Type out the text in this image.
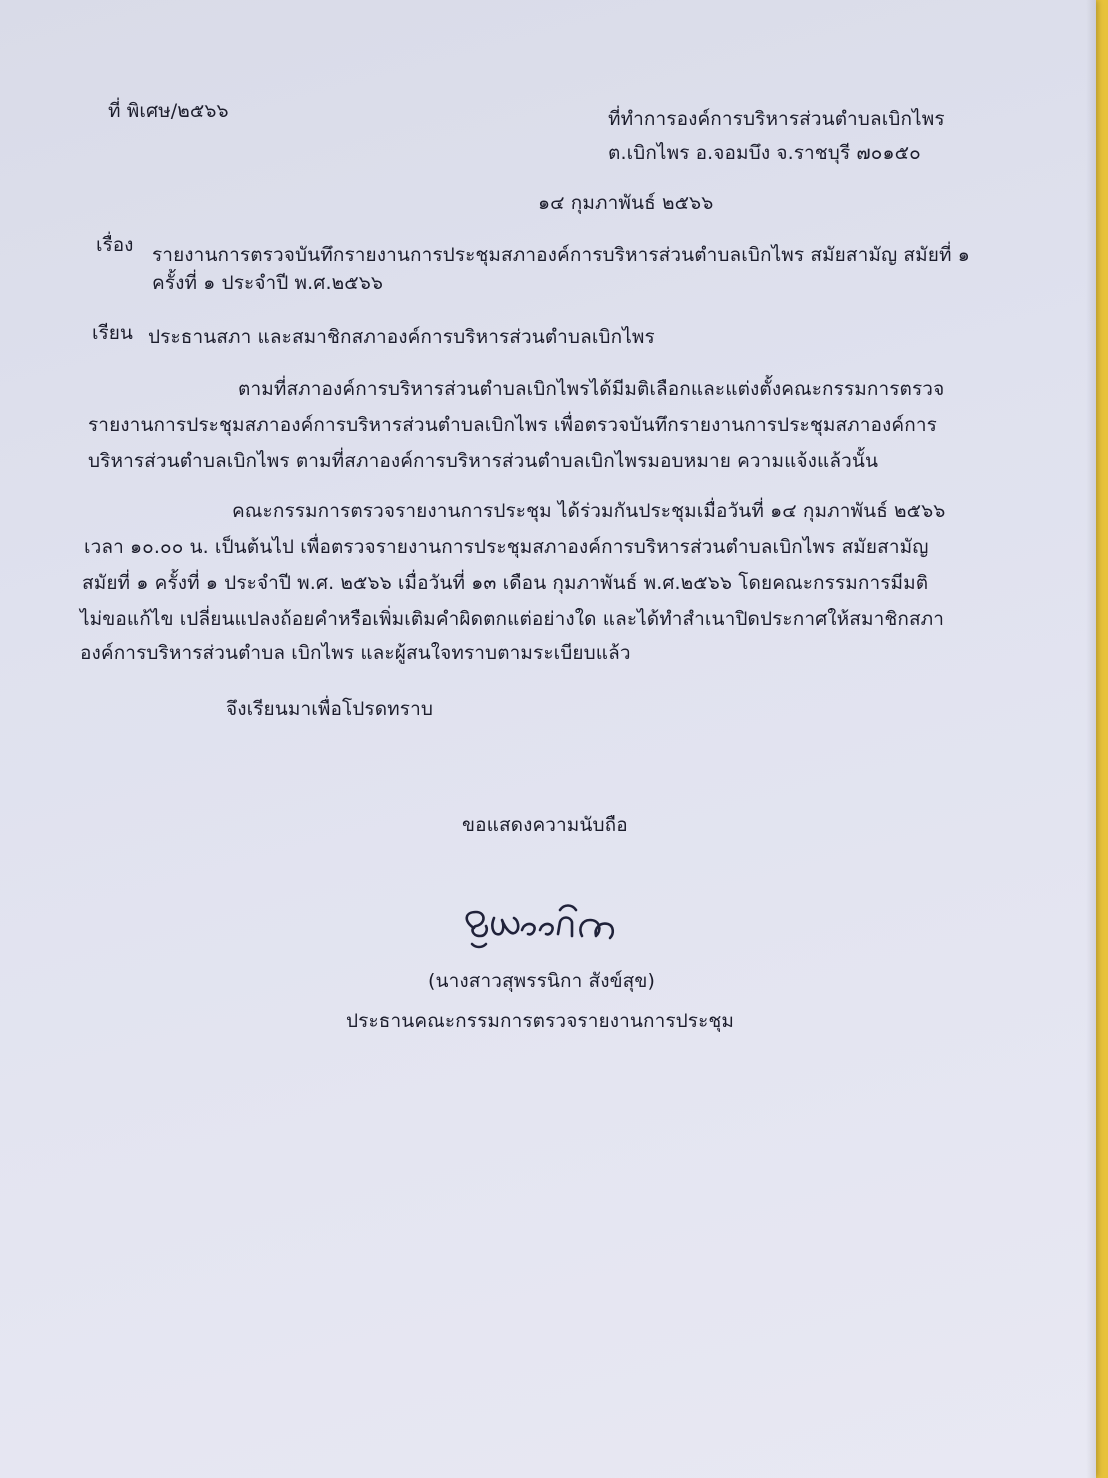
ที่ พิเศษ/๒๕๖๖	ที่ทำการองค์การบริหารส่วนตำบลเบิกไพร
ต.เบิกไพร อ.จอมบึง จ.ราชบุรี ๗๐๑๕๐
๑๔ กุมภาพันธ์ ๒๕๖๖
เรื่อง รายงานการตรวจบันทึกรายงานการประชุมสภาองค์การบริหารส่วนตำบลเบิกไพร สมัยสามัญ สมัยที่ ๑
ครั้งที่ ๑ ประจำปี พ.ศ.๒๕๖๖
เรียน ประธานสภา และสมาชิกสภาองค์การบริหารส่วนตำบลเบิกไพร
ตามที่สภาองค์การบริหารส่วนตำบลเบิกไพรได้มีมติเลือกและแต่งตั้งคณะกรรมการตรวจ
รายงานการประชุมสภาองค์การบริหารส่วนตำบลเบิกไพร เพื่อตรวจบันทึกรายงานการประชุมสภาองค์การ
บริหารส่วนตำบลเบิกไพร ตามที่สภาองค์การบริหารส่วนตำบลเบิกไพรมอบหมาย ความแจ้งแล้วนั้น
คณะกรรมการตรวจรายงานการประชุม ได้ร่วมกันประชุมเมื่อวันที่ ๑๔ กุมภาพันธ์ ๒๕๖๖
เวลา ๑๐.๐๐ น. เป็นต้นไป เพื่อตรวจรายงานการประชุมสภาองค์การบริหารส่วนตำบลเบิกไพร สมัยสามัญ
สมัยที่ ๑ ครั้งที่ ๑ ประจำปี พ.ศ. ๒๕๖๖ เมื่อวันที่ ๑๓ เดือน กุมภาพันธ์ พ.ศ.๒๕๖๖ โดยคณะกรรมการมีมติ
ไม่ขอแก้ไข เปลี่ยนแปลงถ้อยคำหรือเพิ่มเติมคำผิดตกแต่อย่างใด และได้ทำสำเนาปิดประกาศให้สมาชิกสภา
องค์การบริหารส่วนตำบล เบิกไพร และผู้สนใจทราบตามระเบียบแล้ว
จึงเรียนมาเพื่อโปรดทราบ
ขอแสดงความนับถือ
(นางสาวสุพรรนิกา สังข์สุข)
ประธานคณะกรรมการตรวจรายงานการประชุม
